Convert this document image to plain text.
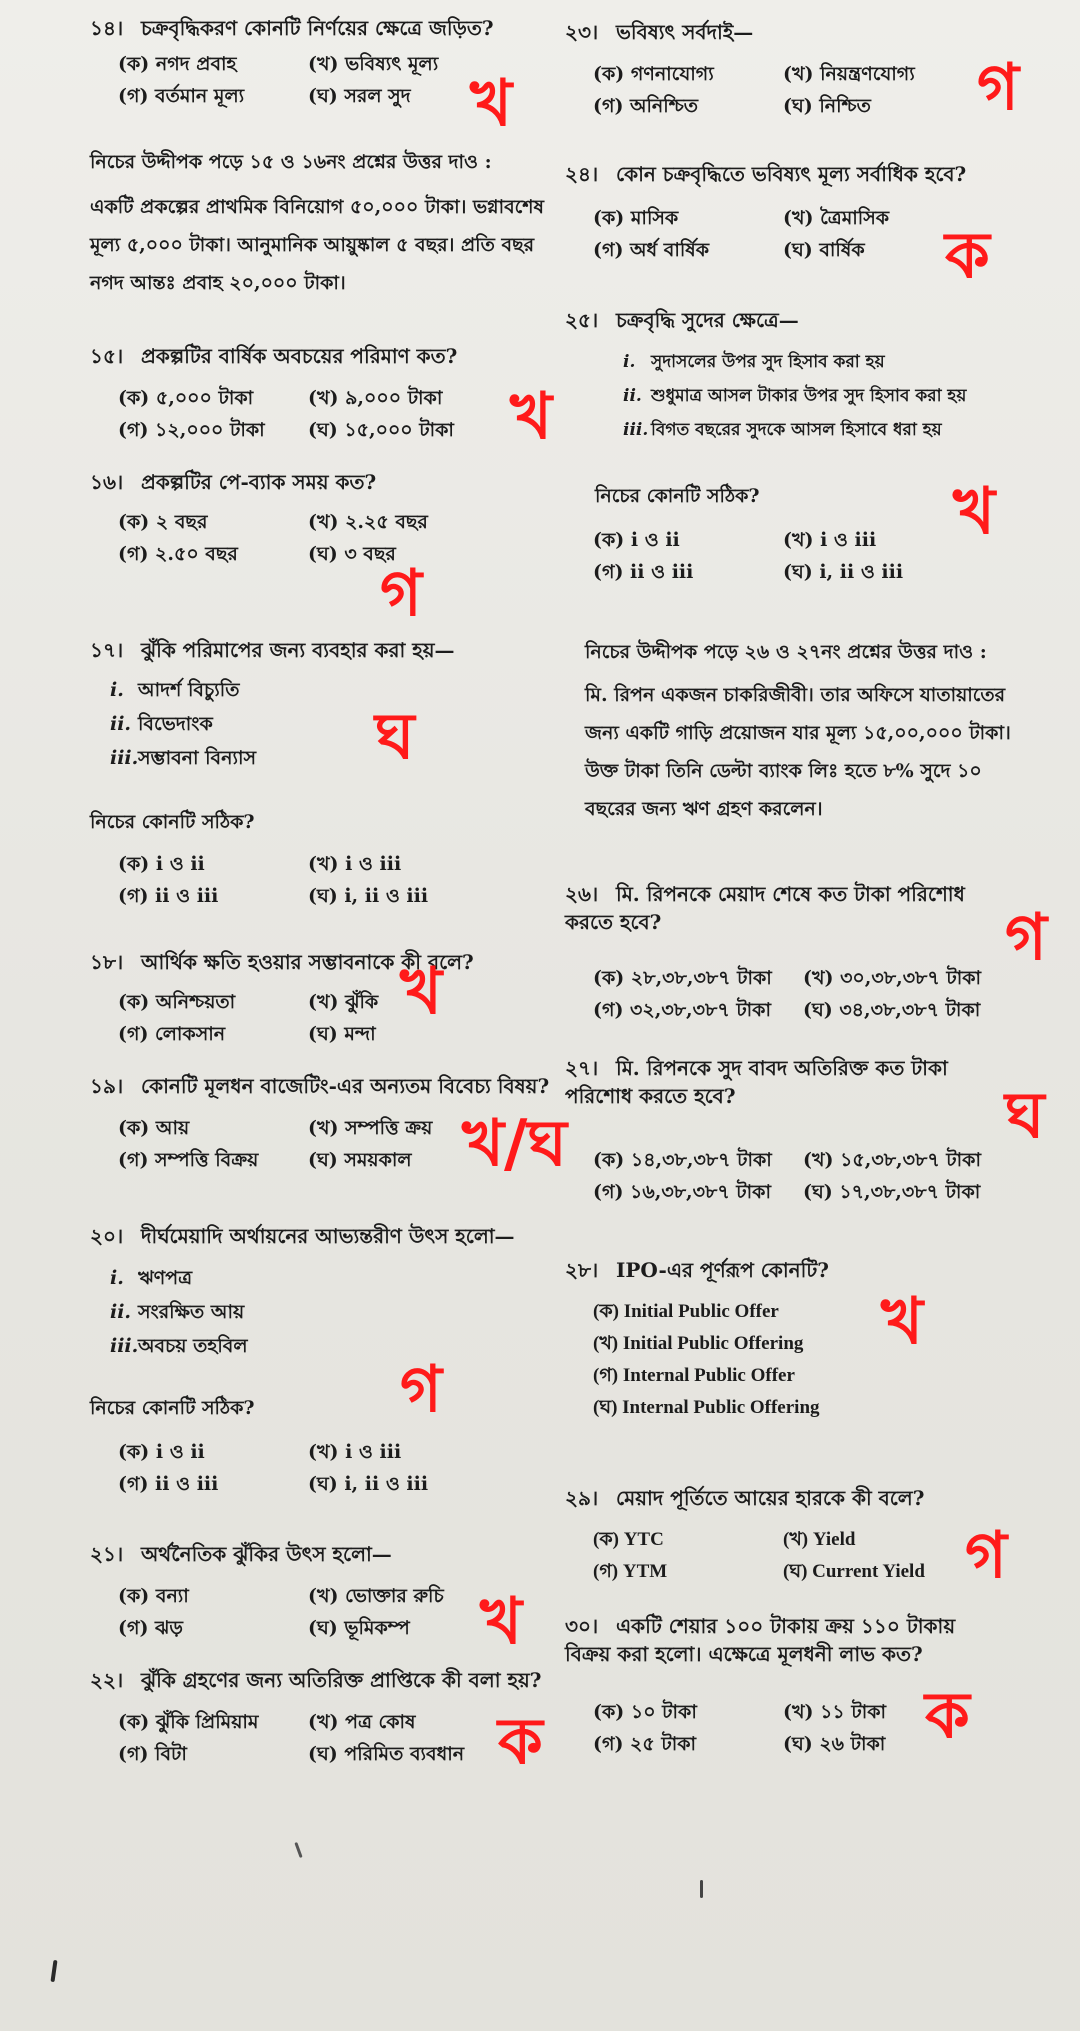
১৪। চক্রবৃদ্ধিকরণ কোনটি নির্ণয়ের ক্ষেত্রে জড়িত?
(ক) নগদ প্রবাহ	(খ) ভবিষ্যৎ মূল্য
(গ) বর্তমান মূল্য	(ঘ) সরল সুদ খ
নিচের উদ্দীপক পড়ে ১৫ ও ১৬নং প্রশ্নের উত্তর দাও :
একটি প্রকল্পের প্রাথমিক বিনিয়োগ ৫০,০০০ টাকা। ভগ্নাবশেষ মূল্য ৫,০০০ টাকা। আনুমানিক আয়ুষ্কাল ৫ বছর। প্রতি বছর নগদ আন্তঃ প্রবাহ ২০,০০০ টাকা।
১৫। প্রকল্পটির বার্ষিক অবচয়ের পরিমাণ কত?
(ক) ৫,০০০ টাকা	(খ) ৯,০০০ টাকা
(গ) ১২,০০০ টাকা	(ঘ) ১৫,০০০ টাকা খ
১৬। প্রকল্পটির পে-ব্যাক সময় কত?
(ক) ২ বছর	(খ) ২.২৫ বছর
(গ) ২.৫০ বছর	(ঘ) ৩ বছর
গ
১৭। ঝুঁকি পরিমাপের জন্য ব্যবহার করা হয়—
i. আদর্শ বিচ্যুতি
ii. বিভেদাংক
iii.সম্ভাবনা বিন্যাস
নিচের কোনটি সঠিক?
(ক) i ও ii	(খ) i ও iii
(গ) ii ও iii	(ঘ) i, ii ও iii
ঘ
১৮। আর্থিক ক্ষতি হওয়ার সম্ভাবনাকে কী বলে?
(ক) অনিশ্চয়তা	(খ) ঝুঁকি
(গ) লোকসান	(ঘ) মন্দা
খ
১৯। কোনটি মূলধন বাজেটিং-এর অন্যতম বিবেচ্য বিষয়?
(ক) আয়	(খ) সম্পত্তি ক্রয়
(গ) সম্পত্তি বিক্রয়	(ঘ) সময়কাল খ/ঘ
২০। দীর্ঘমেয়াদি অর্থায়নের আভ্যন্তরীণ উৎস হলো—
i. ঋণপত্র
ii. সংরক্ষিত আয়
iii.অবচয় তহবিল
নিচের কোনটি সঠিক?
(ক) i ও ii	(খ) i ও iii
(গ) ii ও iii	(ঘ) i, ii ও iii
গ
২১। অর্থনৈতিক ঝুঁকির উৎস হলো—
(ক) বন্যা	(খ) ভোক্তার রুচি
(গ) ঝড়	(ঘ) ভূমিকম্প	খ
২২। ঝুঁকি গ্রহণের জন্য অতিরিক্ত প্রাপ্তিকে কী বলা হয়?
(ক) ঝুঁকি প্রিমিয়াম	(খ) পত্র কোষ
(গ) বিটা	(ঘ) পরিমিত ব্যবধান ক
২৩। ভবিষ্যৎ সর্বদাই—
(ক) গণনাযোগ্য	(খ) নিয়ন্ত্রণযোগ্য
(গ) অনিশ্চিত	(ঘ) নিশ্চিত	গ
২৪। কোন চক্রবৃদ্ধিতে ভবিষ্যৎ মূল্য সর্বাধিক হবে?
(ক) মাসিক	(খ) ত্রৈমাসিক
(গ) অর্ধ বার্ষিক	(ঘ) বার্ষিক	ক
২৫। চক্রবৃদ্ধি সুদের ক্ষেত্রে—
i. সুদাসলের উপর সুদ হিসাব করা হয়
ii. শুধুমাত্র আসল টাকার উপর সুদ হিসাব করা হয়
iii. বিগত বছরের সুদকে আসল হিসাবে ধরা হয়
নিচের কোনটি সঠিক?
(ক) i ও ii	(খ) i ও iii
(গ) ii ও iii	(ঘ) i, ii ও iii
খ
নিচের উদ্দীপক পড়ে ২৬ ও ২৭নং প্রশ্নের উত্তর দাও :
মি. রিপন একজন চাকরিজীবী। তার অফিসে যাতায়াতের জন্য একটি গাড়ি প্রয়োজন যার মূল্য ১৫,০০,০০০ টাকা। উক্ত টাকা তিনি ডেল্টা ব্যাংক লিঃ হতে ৮% সুদে ১০ বছরের জন্য ঋণ গ্রহণ করলেন।
২৬। মি. রিপনকে মেয়াদ শেষে কত টাকা পরিশোধ করতে হবে?
(ক) ২৮,৩৮,৩৮৭ টাকা	(খ) ৩০,৩৮,৩৮৭ টাকা
(গ) ৩২,৩৮,৩৮৭ টাকা	(ঘ) ৩৪,৩৮,৩৮৭ টাকা
গ
২৭। মি. রিপনকে সুদ বাবদ অতিরিক্ত কত টাকা পরিশোধ করতে হবে?
(ক) ১৪,৩৮,৩৮৭ টাকা	(খ) ১৫,৩৮,৩৮৭ টাকা
(গ) ১৬,৩৮,৩৮৭ টাকা	(ঘ) ১৭,৩৮,৩৮৭ টাকা
ঘ
২৮। IPO-এর পূর্ণরূপ কোনটি?
(ক) Initial Public Offer
(খ) Initial Public Offering
(গ) Internal Public Offer
(ঘ) Internal Public Offering
খ
২৯। মেয়াদ পূর্তিতে আয়ের হারকে কী বলে?
(ক) YTC	(খ) Yield
(গ) YTM	(ঘ) Current Yield গ
৩০। একটি শেয়ার ১০০ টাকায় ক্রয় ১১০ টাকায় বিক্রয় করা হলো। এক্ষেত্রে মূলধনী লাভ কত?
(ক) ১০ টাকা	(খ) ১১ টাকা
(গ) ২৫ টাকা	(ঘ) ২৬ টাকা ক
